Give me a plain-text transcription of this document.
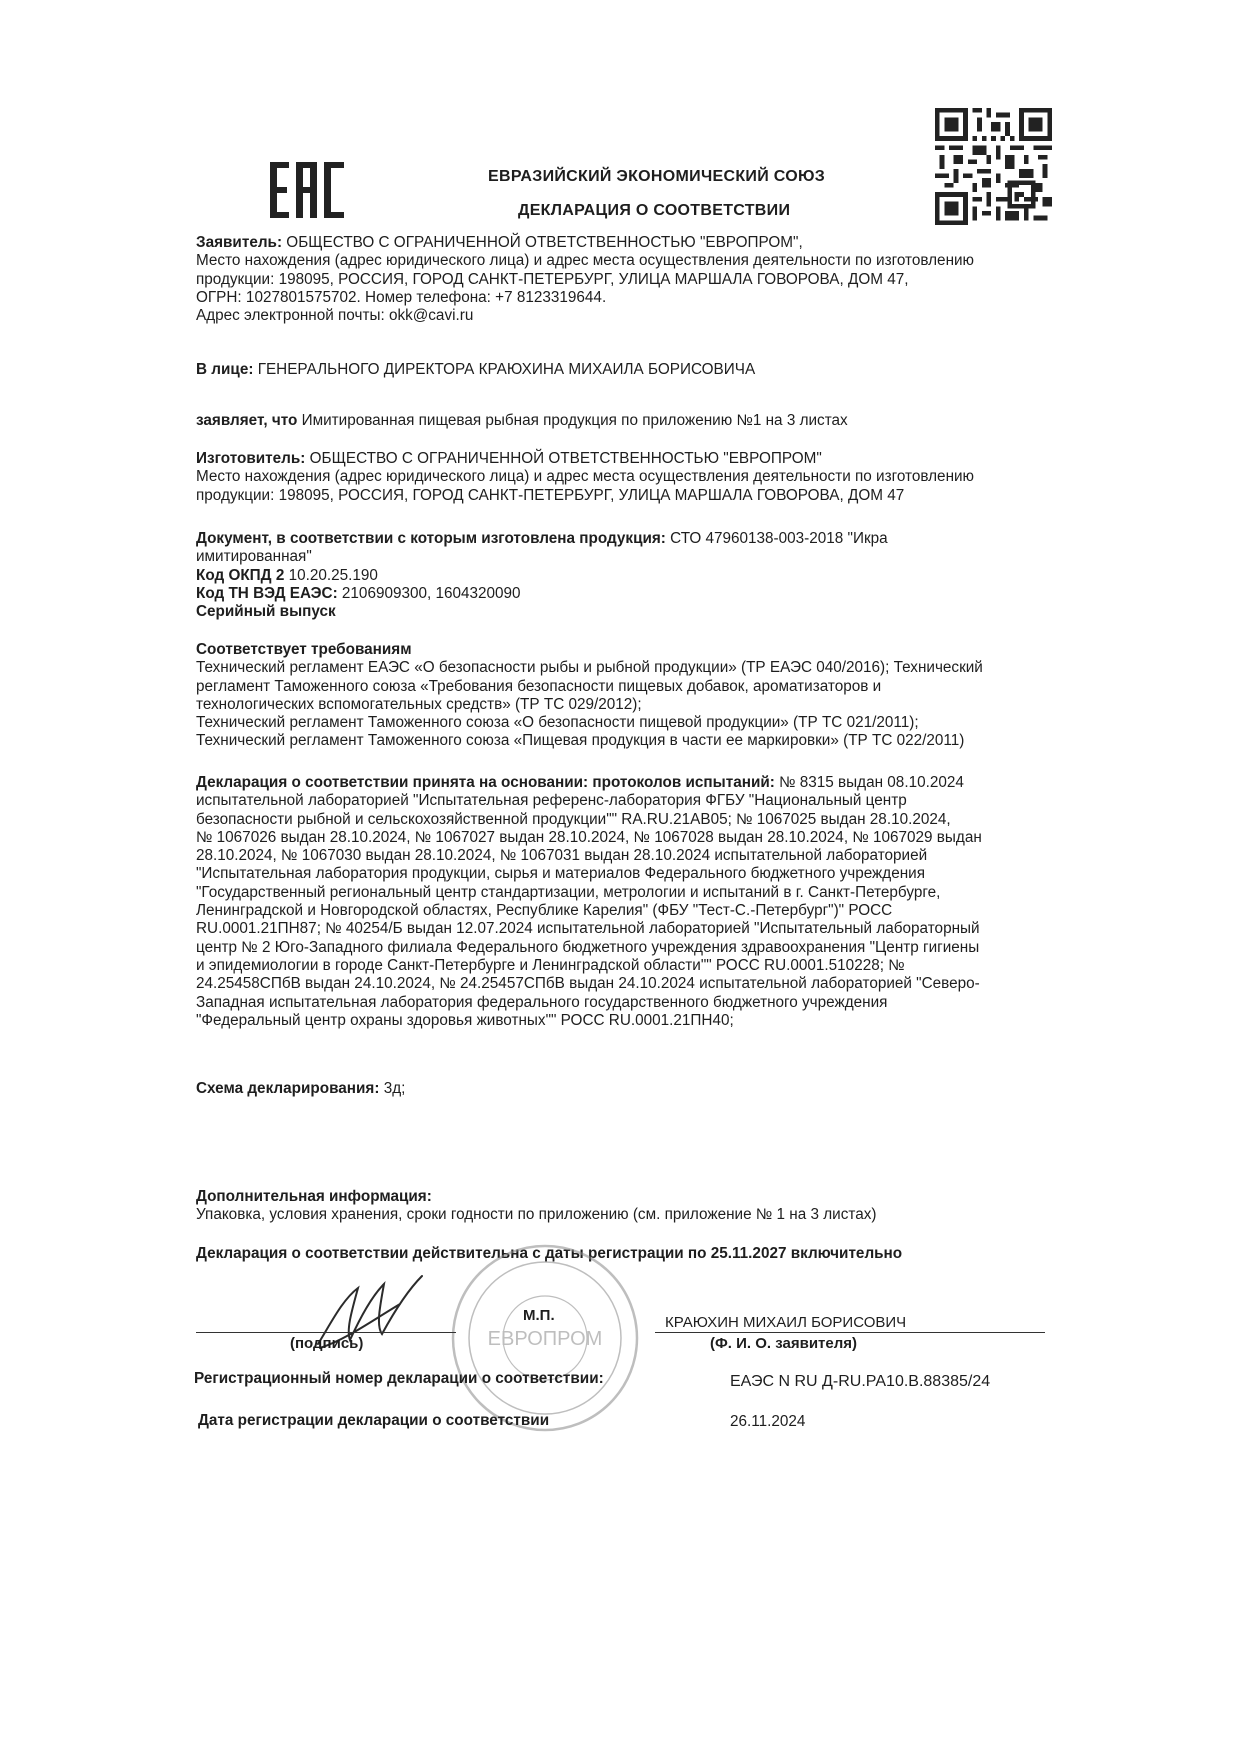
ЕВРАЗИЙСКИЙ ЭКОНОМИЧЕСКИЙ СОЮЗ
ДЕКЛАРАЦИЯ О СООТВЕТСТВИИ
Заявитель: ОБЩЕСТВО С ОГРАНИЧЕННОЙ ОТВЕТСТВЕННОСТЬЮ "ЕВРОПРОМ",
Место нахождения (адрес юридического лица) и адрес места осуществления деятельности по изготовлению
продукции: 198095, РОССИЯ, ГОРОД САНКТ-ПЕТЕРБУРГ, УЛИЦА МАРШАЛА ГОВОРОВА, ДОМ 47,
ОГРН: 1027801575702. Номер телефона: +7 8123319644.
Адрес электронной почты: okk@cavi.ru
В лице: ГЕНЕРАЛЬНОГО ДИРЕКТОРА КРАЮХИНА МИХАИЛА БОРИСОВИЧА
заявляет, что Имитированная пищевая рыбная продукция по приложению №1 на 3 листах
Изготовитель: ОБЩЕСТВО С ОГРАНИЧЕННОЙ ОТВЕТСТВЕННОСТЬЮ "ЕВРОПРОМ"
Место нахождения (адрес юридического лица) и адрес места осуществления деятельности по изготовлению
продукции: 198095, РОССИЯ, ГОРОД САНКТ-ПЕТЕРБУРГ, УЛИЦА МАРШАЛА ГОВОРОВА, ДОМ 47
Документ, в соответствии с которым изготовлена продукция: СТО 47960138-003-2018 "Икра
имитированная"
Код ОКПД 2 10.20.25.190
Код ТН ВЭД ЕАЭС: 2106909300, 1604320090
Серийный выпуск
Соответствует требованиям
Технический регламент ЕАЭС «О безопасности рыбы и рыбной продукции» (ТР ЕАЭС 040/2016); Технический
регламент Таможенного союза «Требования безопасности пищевых добавок, ароматизаторов и
технологических вспомогательных средств» (ТР ТС 029/2012);
Технический регламент Таможенного союза «О безопасности пищевой продукции» (ТР ТС 021/2011);
Технический регламент Таможенного союза «Пищевая продукция в части ее маркировки» (ТР ТС 022/2011)
Декларация о соответствии принята на основании: протоколов испытаний: № 8315 выдан 08.10.2024
испытательной лабораторией "Испытательная референс-лаборатория ФГБУ "Национальный центр
безопасности рыбной и сельскохозяйственной продукции"" RA.RU.21АВ05; № 1067025 выдан 28.10.2024,
№ 1067026 выдан 28.10.2024, № 1067027 выдан 28.10.2024, № 1067028 выдан 28.10.2024, № 1067029 выдан
28.10.2024, № 1067030 выдан 28.10.2024, № 1067031 выдан 28.10.2024 испытательной лабораторией
"Испытательная лаборатория продукции, сырья и материалов Федерального бюджетного учреждения
"Государственный региональный центр стандартизации, метрологии и испытаний в г. Санкт-Петербурге,
Ленинградской и Новгородской областях, Республике Карелия" (ФБУ "Тест-С.-Петербург")" РОСС
RU.0001.21ПН87; № 40254/Б выдан 12.07.2024 испытательной лабораторией "Испытательный лабораторный
центр № 2 Юго-Западного филиала Федерального бюджетного учреждения здравоохранения "Центр гигиены
и эпидемиологии в городе Санкт-Петербурге и Ленинградской области"" РОСС RU.0001.510228; №
24.25458СПбВ выдан 24.10.2024, № 24.25457СПбВ выдан 24.10.2024 испытательной лабораторией "Северо-
Западная испытательная лаборатория федерального государственного бюджетного учреждения
"Федеральный центр охраны здоровья животных"" РОСС RU.0001.21ПН40;
Схема декларирования: 3д;
Дополнительная информация:
Упаковка, условия хранения, сроки годности по приложению (см. приложение № 1 на 3 листах)
Декларация о соответствии действительна с даты регистрации по 25.11.2027 включительно
ЕВРОПРОМ
М.П.	КРАЮХИН МИХАИЛ БОРИСОВИЧ
(подпись)	(Ф. И. О. заявителя)
Регистрационный номер декларации о соответствии:	ЕАЭС N RU Д-RU.РА10.В.88385/24
Дата регистрации декларации о соответствии	26.11.2024
